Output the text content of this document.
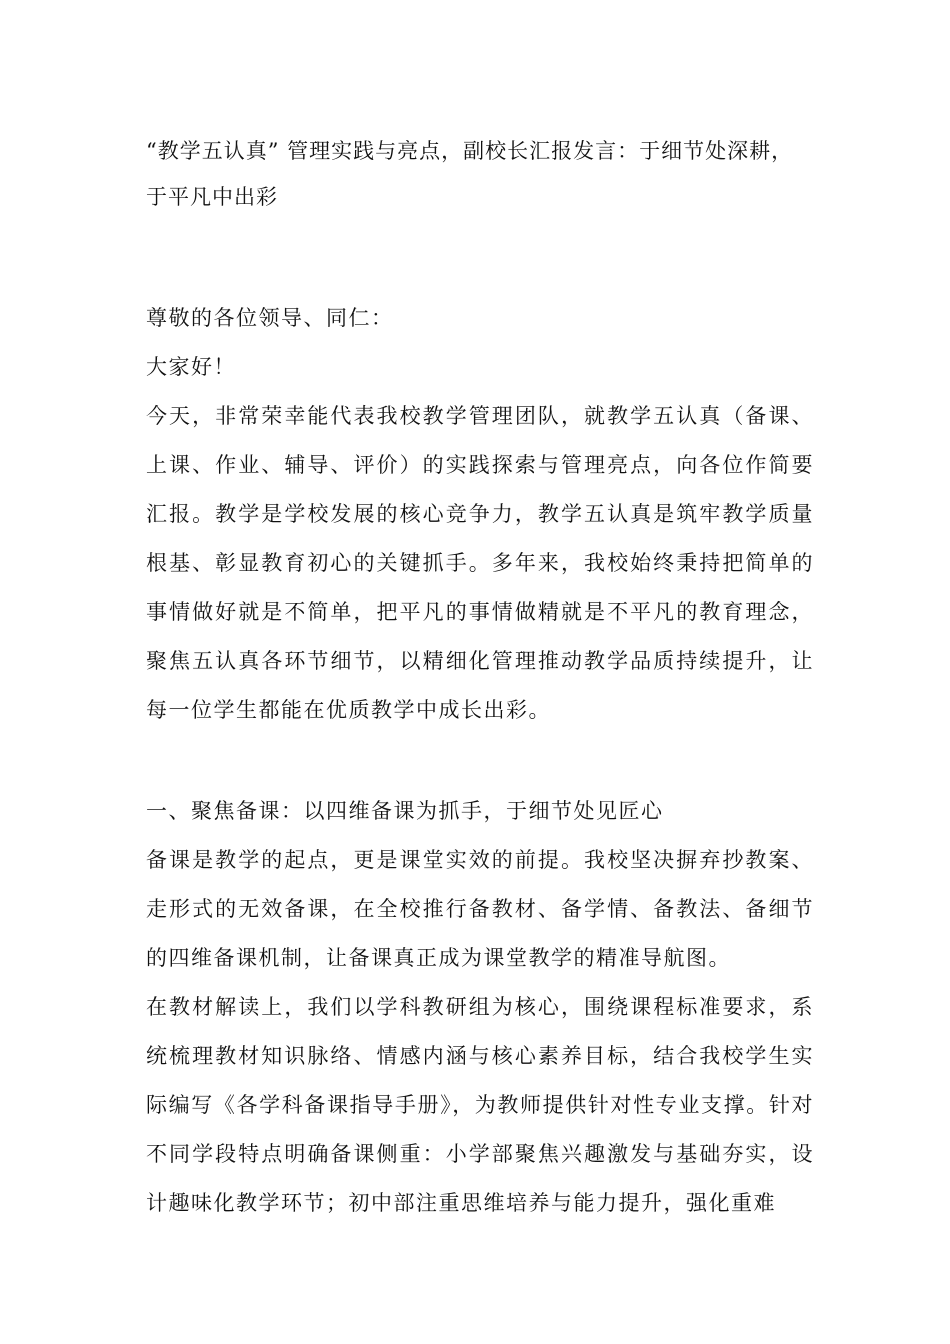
“教学五认真” 管理实践与亮点，副校长汇报发言：于细节处深耕，于平凡中出彩

尊敬的各位领导、同仁：

大家好！

今天，非常荣幸能代表我校教学管理团队，就教学五认真（备课、上课、作业、辅导、评价）的实践探索与管理亮点，向各位作简要汇报。教学是学校发展的核心竞争力，教学五认真是筑牢教学质量根基、彰显教育初心的关键抓手。多年来，我校始终秉持把简单的事情做好就是不简单，把平凡的事情做精就是不平凡的教育理念，聚焦五认真各环节细节，以精细化管理推动教学品质持续提升，让每一位学生都能在优质教学中成长出彩。

一、聚焦备课：以四维备课为抓手，于细节处见匠心

备课是教学的起点，更是课堂实效的前提。我校坚决摒弃抄教案、走形式的无效备课，在全校推行备教材、备学情、备教法、备细节的四维备课机制，让备课真正成为课堂教学的精准导航图。

在教材解读上，我们以学科教研组为核心，围绕课程标准要求，系统梳理教材知识脉络、情感内涵与核心素养目标，结合我校学生实际编写《各学科备课指导手册》，为教师提供针对性专业支撑。针对不同学段特点明确备课侧重：小学部聚焦兴趣激发与基础夯实，设计趣味化教学环节；初中部注重思维培养与能力提升，强化重难
